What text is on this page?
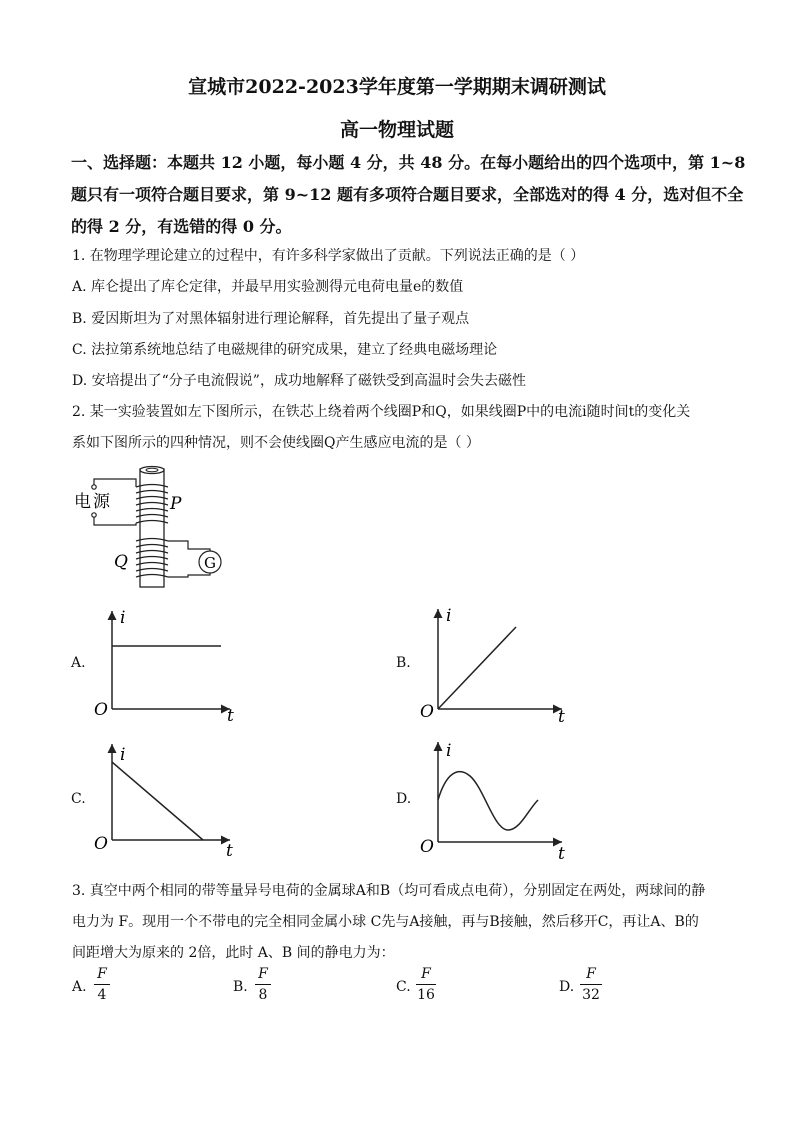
宣城市2022-2023学年度第一学期期末调研测试
高一物理试题
一、选择题：本题共 12 小题，每小题 4 分，共 48 分。在每小题给出的四个选项中，第 1~8
题只有一项符合题目要求，第 9~12 题有多项符合题目要求，全部选对的得 4 分，选对但不全
的得 2 分，有选错的得 0 分。
1. 在物理学理论建立的过程中，有许多科学家做出了贡献。下列说法正确的是（ ）
A. 库仑提出了库仑定律，并最早用实验测得元电荷电量e的数值
B. 爱因斯坦为了对黑体辐射进行理论解释，首先提出了量子观点
C. 法拉第系统地总结了电磁规律的研究成果，建立了经典电磁场理论
D. 安培提出了“分子电流假说”，成功地解释了磁铁受到高温时会失去磁性
2. 某一实验装置如左下图所示，在铁芯上绕着两个线圈P和Q，如果线圈P中的电流i随时间t的变化关
系如下图所示的四种情况，则不会使线圈Q产生感应电流的是（ ）
电 源	P
Q	G
A.
i
t
O
B.
i
t
O
C.
i
t
O
D.
i
t
O
3. 真空中两个相同的带等量异号电荷的金属球A和B（均可看成点电荷），分别固定在两处，两球间的静
电力为 F。现用一个不带电的完全相同金属小球 C先与A接触，再与B接触，然后移开C，再让A、B的
间距增大为原来的 2倍，此时 A、B 间的静电力为：
A.
F
4	B.
F
8	C.
F
16	D.
F
32
